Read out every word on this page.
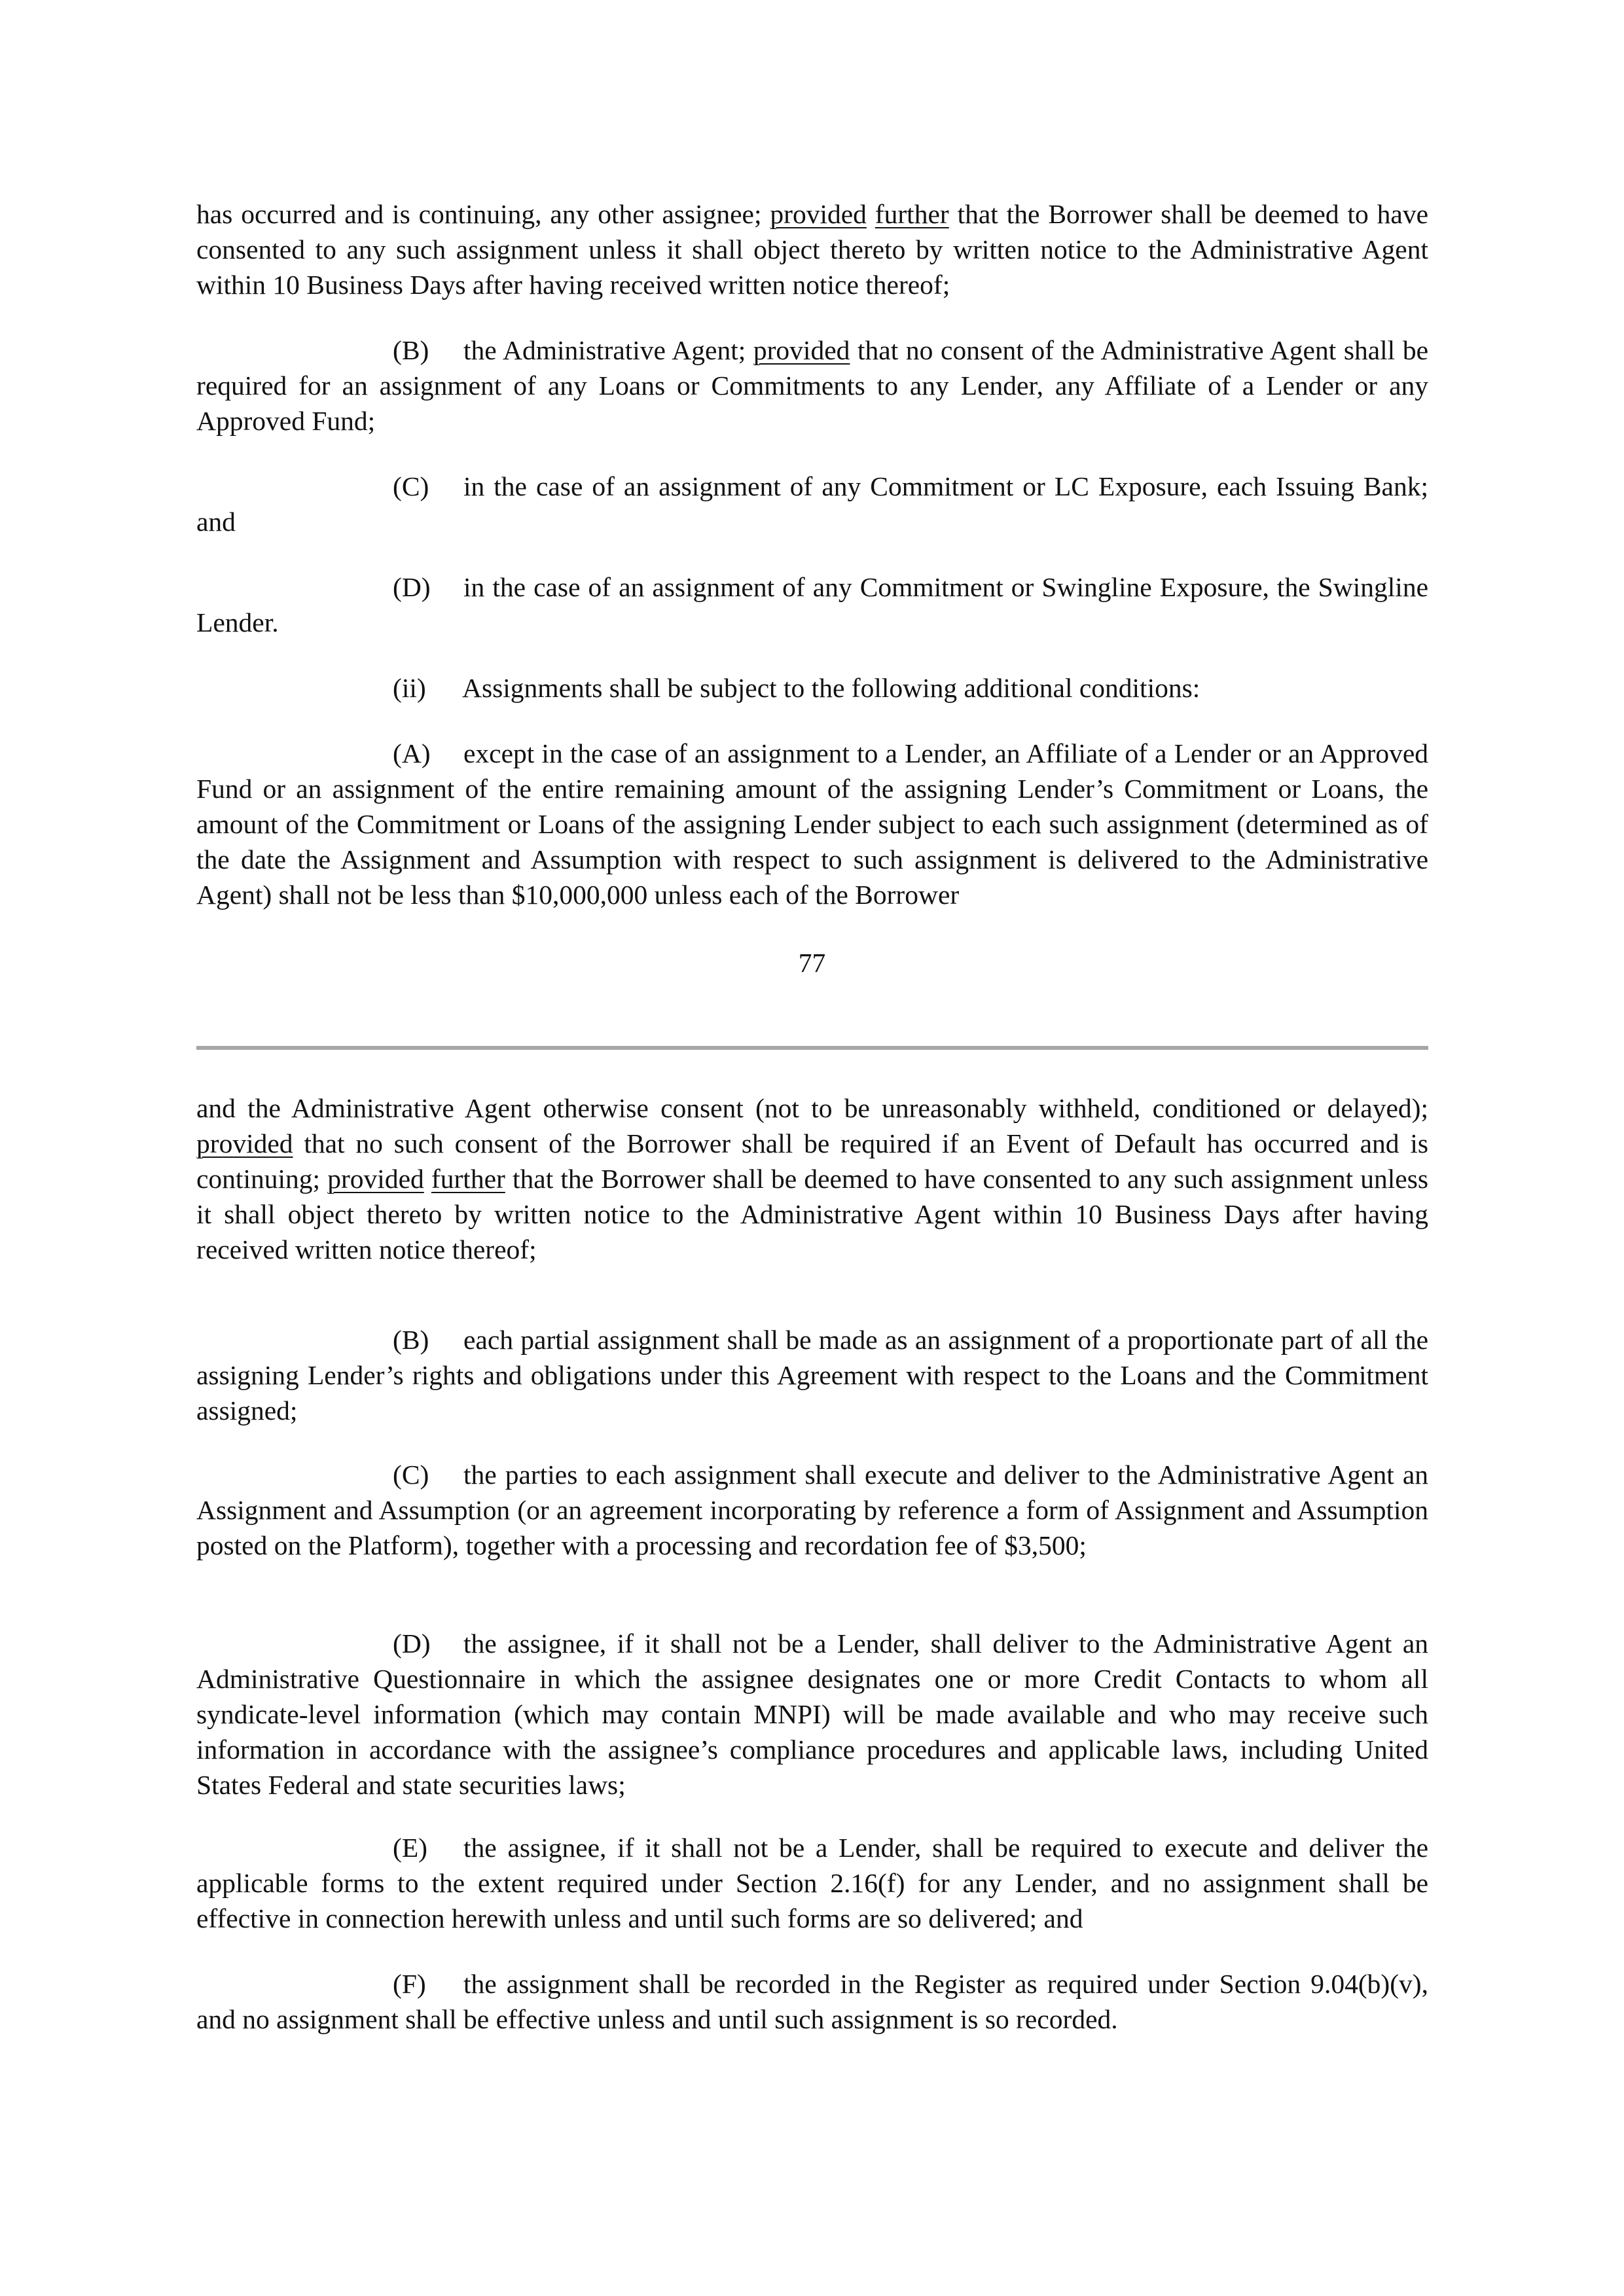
has occurred and is continuing, any other assignee; provided further that the Borrower shall be deemed to have consented to any such assignment unless it shall object thereto by written notice to the Administrative Agent within 10 Business Days after having received written notice thereof;

(B) the Administrative Agent; provided that no consent of the Administrative Agent shall be required for an assignment of any Loans or Commitments to any Lender, any Affiliate of a Lender or any Approved Fund;

(C) in the case of an assignment of any Commitment or LC Exposure, each Issuing Bank; and

(D) in the case of an assignment of any Commitment or Swingline Exposure, the Swingline Lender.

(ii) Assignments shall be subject to the following additional conditions:

(A) except in the case of an assignment to a Lender, an Affiliate of a Lender or an Approved Fund or an assignment of the entire remaining amount of the assigning Lender’s Commitment or Loans, the amount of the Commitment or Loans of the assigning Lender subject to each such assignment (determined as of the date the Assignment and Assumption with respect to such assignment is delivered to the Administrative Agent) shall not be less than $10,000,000 unless each of the Borrower

77

and the Administrative Agent otherwise consent (not to be unreasonably withheld, conditioned or delayed); provided that no such consent of the Borrower shall be required if an Event of Default has occurred and is continuing; provided further that the Borrower shall be deemed to have consented to any such assignment unless it shall object thereto by written notice to the Administrative Agent within 10 Business Days after having received written notice thereof;

(B) each partial assignment shall be made as an assignment of a proportionate part of all the assigning Lender’s rights and obligations under this Agreement with respect to the Loans and the Commitment assigned;

(C) the parties to each assignment shall execute and deliver to the Administrative Agent an Assignment and Assumption (or an agreement incorporating by reference a form of Assignment and Assumption posted on the Platform), together with a processing and recordation fee of $3,500;

(D) the assignee, if it shall not be a Lender, shall deliver to the Administrative Agent an Administrative Questionnaire in which the assignee designates one or more Credit Contacts to whom all syndicate-level information (which may contain MNPI) will be made available and who may receive such information in accordance with the assignee’s compliance procedures and applicable laws, including United States Federal and state securities laws;

(E) the assignee, if it shall not be a Lender, shall be required to execute and deliver the applicable forms to the extent required under Section 2.16(f) for any Lender, and no assignment shall be effective in connection herewith unless and until such forms are so delivered; and

(F) the assignment shall be recorded in the Register as required under Section 9.04(b)(v), and no assignment shall be effective unless and until such assignment is so recorded.
